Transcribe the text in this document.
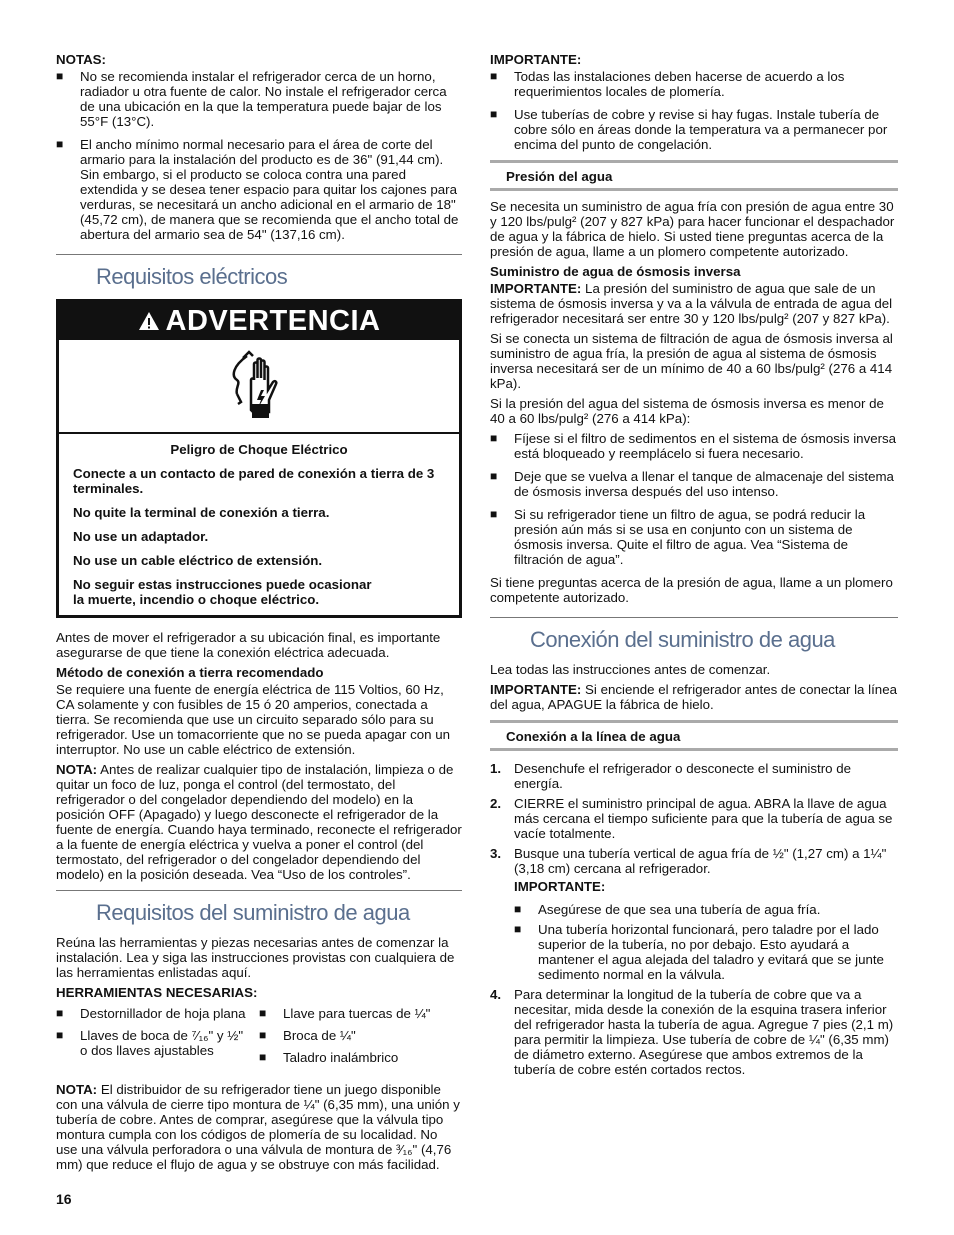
NOTAS:

■ No se recomienda instalar el refrigerador cerca de un horno, radiador u otra fuente de calor. No instale el refrigerador cerca de una ubicación en la que la temperatura puede bajar de los 55°F (13°C).
■ El ancho mínimo normal necesario para el área de corte del armario para la instalación del producto es de 36" (91,44 cm). Sin embargo, si el producto se coloca contra una pared extendida y se desea tener espacio para quitar los cajones para verduras, se necesitará un ancho adicional en el armario de 18" (45,72 cm), de manera que se recomienda que el ancho total de abertura del armario sea de 54" (137,16 cm).
Requisitos eléctricos
ADVERTENCIA

Peligro de Choque Eléctrico

Conecte a un contacto de pared de conexión a tierra de 3 terminales.

No quite la terminal de conexión a tierra.

No use un adaptador.

No use un cable eléctrico de extensión.

No seguir estas instrucciones puede ocasionar la muerte, incendio o choque eléctrico.

Antes de mover el refrigerador a su ubicación final, es importante asegurarse de que tiene la conexión eléctrica adecuada.

Método de conexión a tierra recomendado

Se requiere una fuente de energía eléctrica de 115 Voltios, 60 Hz, CA solamente y con fusibles de 15 ó 20 amperios, conectada a tierra. Se recomienda que use un circuito separado sólo para su refrigerador. Use un tomacorriente que no se pueda apagar con un interruptor. No use un cable eléctrico de extensión.

NOTA: Antes de realizar cualquier tipo de instalación, limpieza o de quitar un foco de luz, ponga el control (del termostato, del refrigerador o del congelador dependiendo del modelo) en la posición OFF (Apagado) y luego desconecte el refrigerador de la fuente de energía. Cuando haya terminado, reconecte el refrigerador a la fuente de energía eléctrica y vuelva a poner el control (del termostato, del refrigerador o del congelador dependiendo del modelo) en la posición deseada. Vea “Uso de los controles”.

Requisitos del suministro de agua

Reúna las herramientas y piezas necesarias antes de comenzar la instalación. Lea y siga las instrucciones provistas con cualquiera de las herramientas enlistadas aquí.

HERRAMIENTAS NECESARIAS:

■ Destornillador de hoja plana
■ Llaves de boca de ⁷⁄₁₆" y ½" o dos llaves ajustables
■ Llave para tuercas de ¼"
■ Broca de ¼"
■ Taladro inalámbrico

NOTA: El distribuidor de su refrigerador tiene un juego disponible con una válvula de cierre tipo montura de ¼" (6,35 mm), una unión y tubería de cobre. Antes de comprar, asegúrese que la válvula tipo montura cumpla con los códigos de plomería de su localidad. No use una válvula perforadora o una válvula de montura de ³⁄₁₆" (4,76 mm) que reduce el flujo de agua y se obstruye con más facilidad.

IMPORTANTE:

■ Todas las instalaciones deben hacerse de acuerdo a los requerimientos locales de plomería.
■ Use tuberías de cobre y revise si hay fugas. Instale tubería de cobre sólo en áreas donde la temperatura va a permanecer por encima del punto de congelación.

Presión del agua

Se necesita un suministro de agua fría con presión de agua entre 30 y 120 lbs/pulg² (207 y 827 kPa) para hacer funcionar el despachador de agua y la fábrica de hielo. Si usted tiene preguntas acerca de la presión de agua, llame a un plomero competente autorizado.

Suministro de agua de ósmosis inversa

IMPORTANTE: La presión del suministro de agua que sale de un sistema de ósmosis inversa y va a la válvula de entrada de agua del refrigerador necesitará ser entre 30 y 120 lbs/pulg² (207 y 827 kPa).

Si se conecta un sistema de filtración de agua de ósmosis inversa al suministro de agua fría, la presión de agua al sistema de ósmosis inversa necesitará ser de un mínimo de 40 a 60 lbs/pulg² (276 a 414 kPa).

Si la presión del agua del sistema de ósmosis inversa es menor de 40 a 60 lbs/pulg² (276 a 414 kPa):

■ Fíjese si el filtro de sedimentos en el sistema de ósmosis inversa está bloqueado y reemplácelo si fuera necesario.
■ Deje que se vuelva a llenar el tanque de almacenaje del sistema de ósmosis inversa después del uso intenso.
■ Si su refrigerador tiene un filtro de agua, se podrá reducir la presión aún más si se usa en conjunto con un sistema de ósmosis inversa. Quite el filtro de agua. Vea “Sistema de filtración de agua”.

Si tiene preguntas acerca de la presión de agua, llame a un plomero competente autorizado.

Conexión del suministro de agua

Lea todas las instrucciones antes de comenzar.

IMPORTANTE: Si enciende el refrigerador antes de conectar la línea del agua, APAGUE la fábrica de hielo.

Conexión a la línea de agua

1. Desenchufe el refrigerador o desconecte el suministro de energía.
2. CIERRE el suministro principal de agua. ABRA la llave de agua más cercana el tiempo suficiente para que la tubería de agua se vacíe totalmente.
3. Busque una tubería vertical de agua fría de ½" (1,27 cm) a 1¼" (3,18 cm) cercana al refrigerador.

IMPORTANTE:

■ Asegúrese de que sea una tubería de agua fría.
■ Una tubería horizontal funcionará, pero taladre por el lado superior de la tubería, no por debajo. Esto ayudará a mantener el agua alejada del taladro y evitará que se junte sedimento normal en la válvula.
4. Para determinar la longitud de la tubería de cobre que va a necesitar, mida desde la conexión de la esquina trasera inferior del refrigerador hasta la tubería de agua. Agregue 7 pies (2,1 m) para permitir la limpieza. Use tubería de cobre de ¼" (6,35 mm) de diámetro externo. Asegúrese que ambos extremos de la tubería de cobre estén cortados rectos.
16
